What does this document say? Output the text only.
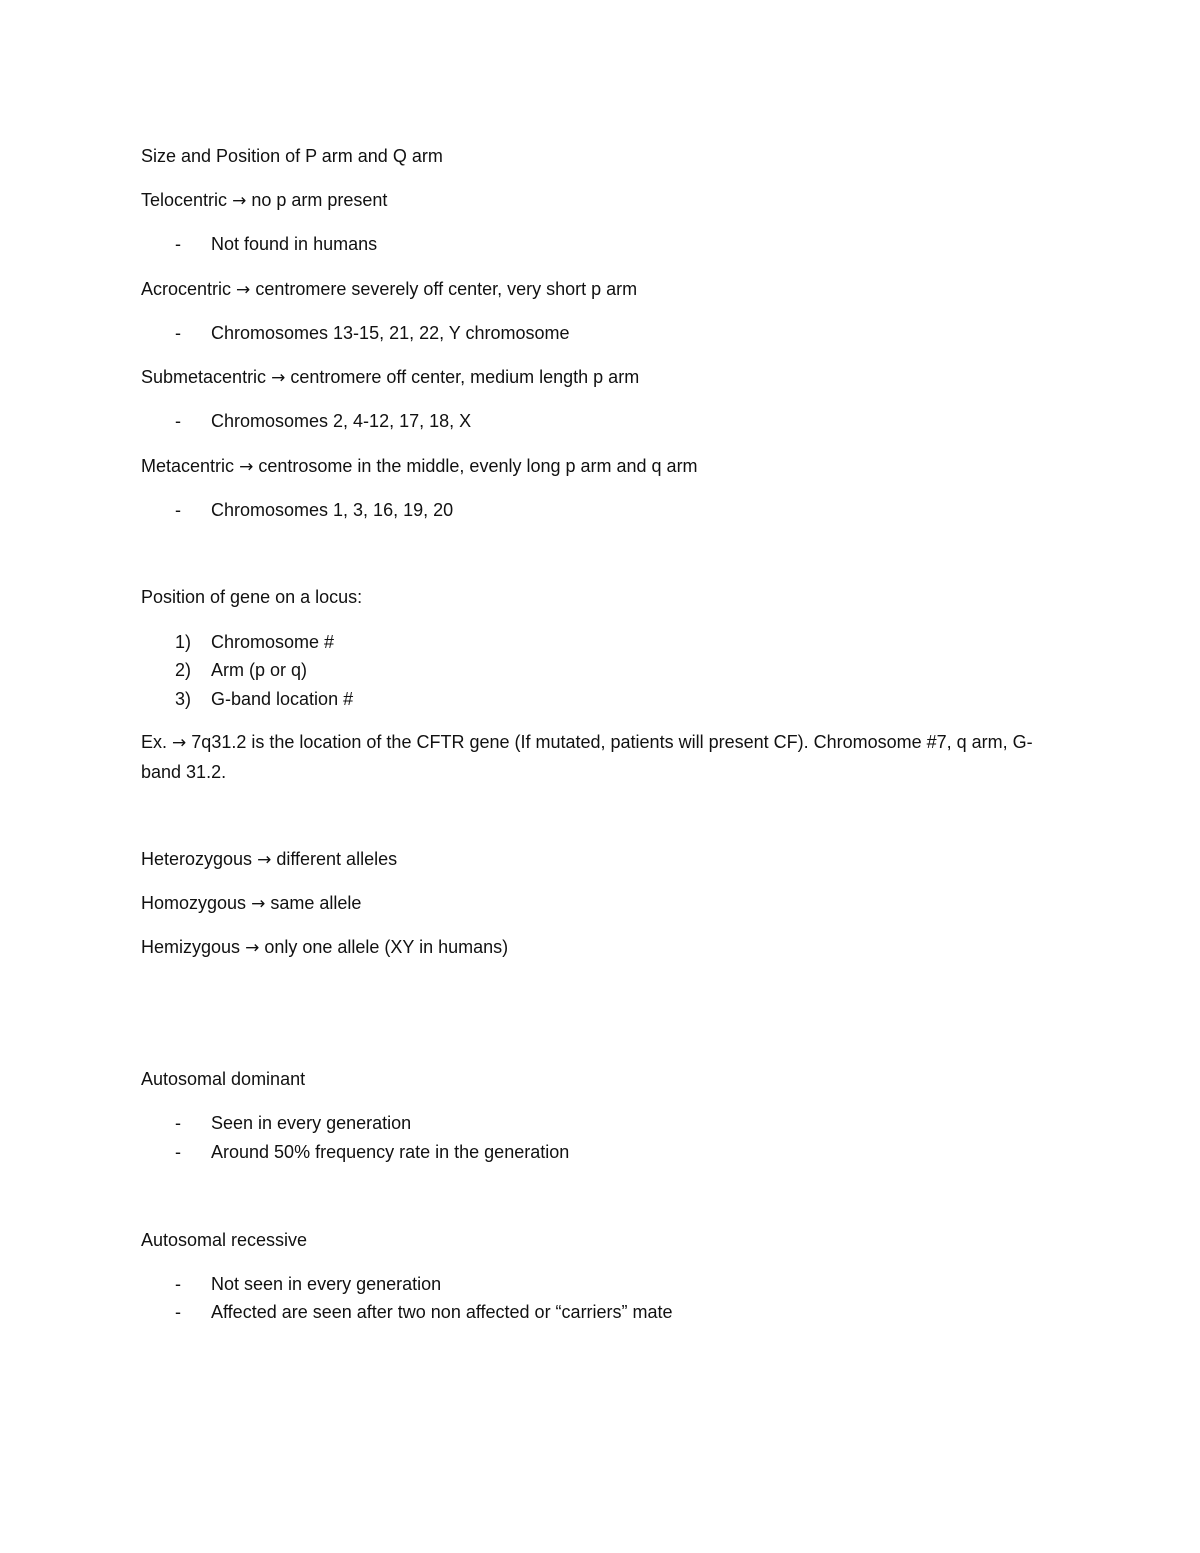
Size and Position of P arm and Q arm
Telocentric → no p arm present
- Not found in humans
Acrocentric → centromere severely off center, very short p arm
- Chromosomes 13-15, 21, 22, Y chromosome
Submetacentric → centromere off center, medium length p arm
- Chromosomes 2, 4-12, 17, 18, X
Metacentric → centrosome in the middle, evenly long p arm and q arm
- Chromosomes 1, 3, 16, 19, 20
Position of gene on a locus:
1) Chromosome #
2) Arm (p or q)
3) G-band location #
Ex. → 7q31.2 is the location of the CFTR gene (If mutated, patients will present CF). Chromosome #7, q arm, G-band 31.2.
Heterozygous → different alleles
Homozygous → same allele
Hemizygous → only one allele (XY in humans)
Autosomal dominant
- Seen in every generation
- Around 50% frequency rate in the generation
Autosomal recessive
- Not seen in every generation
- Affected are seen after two non affected or “carriers” mate
